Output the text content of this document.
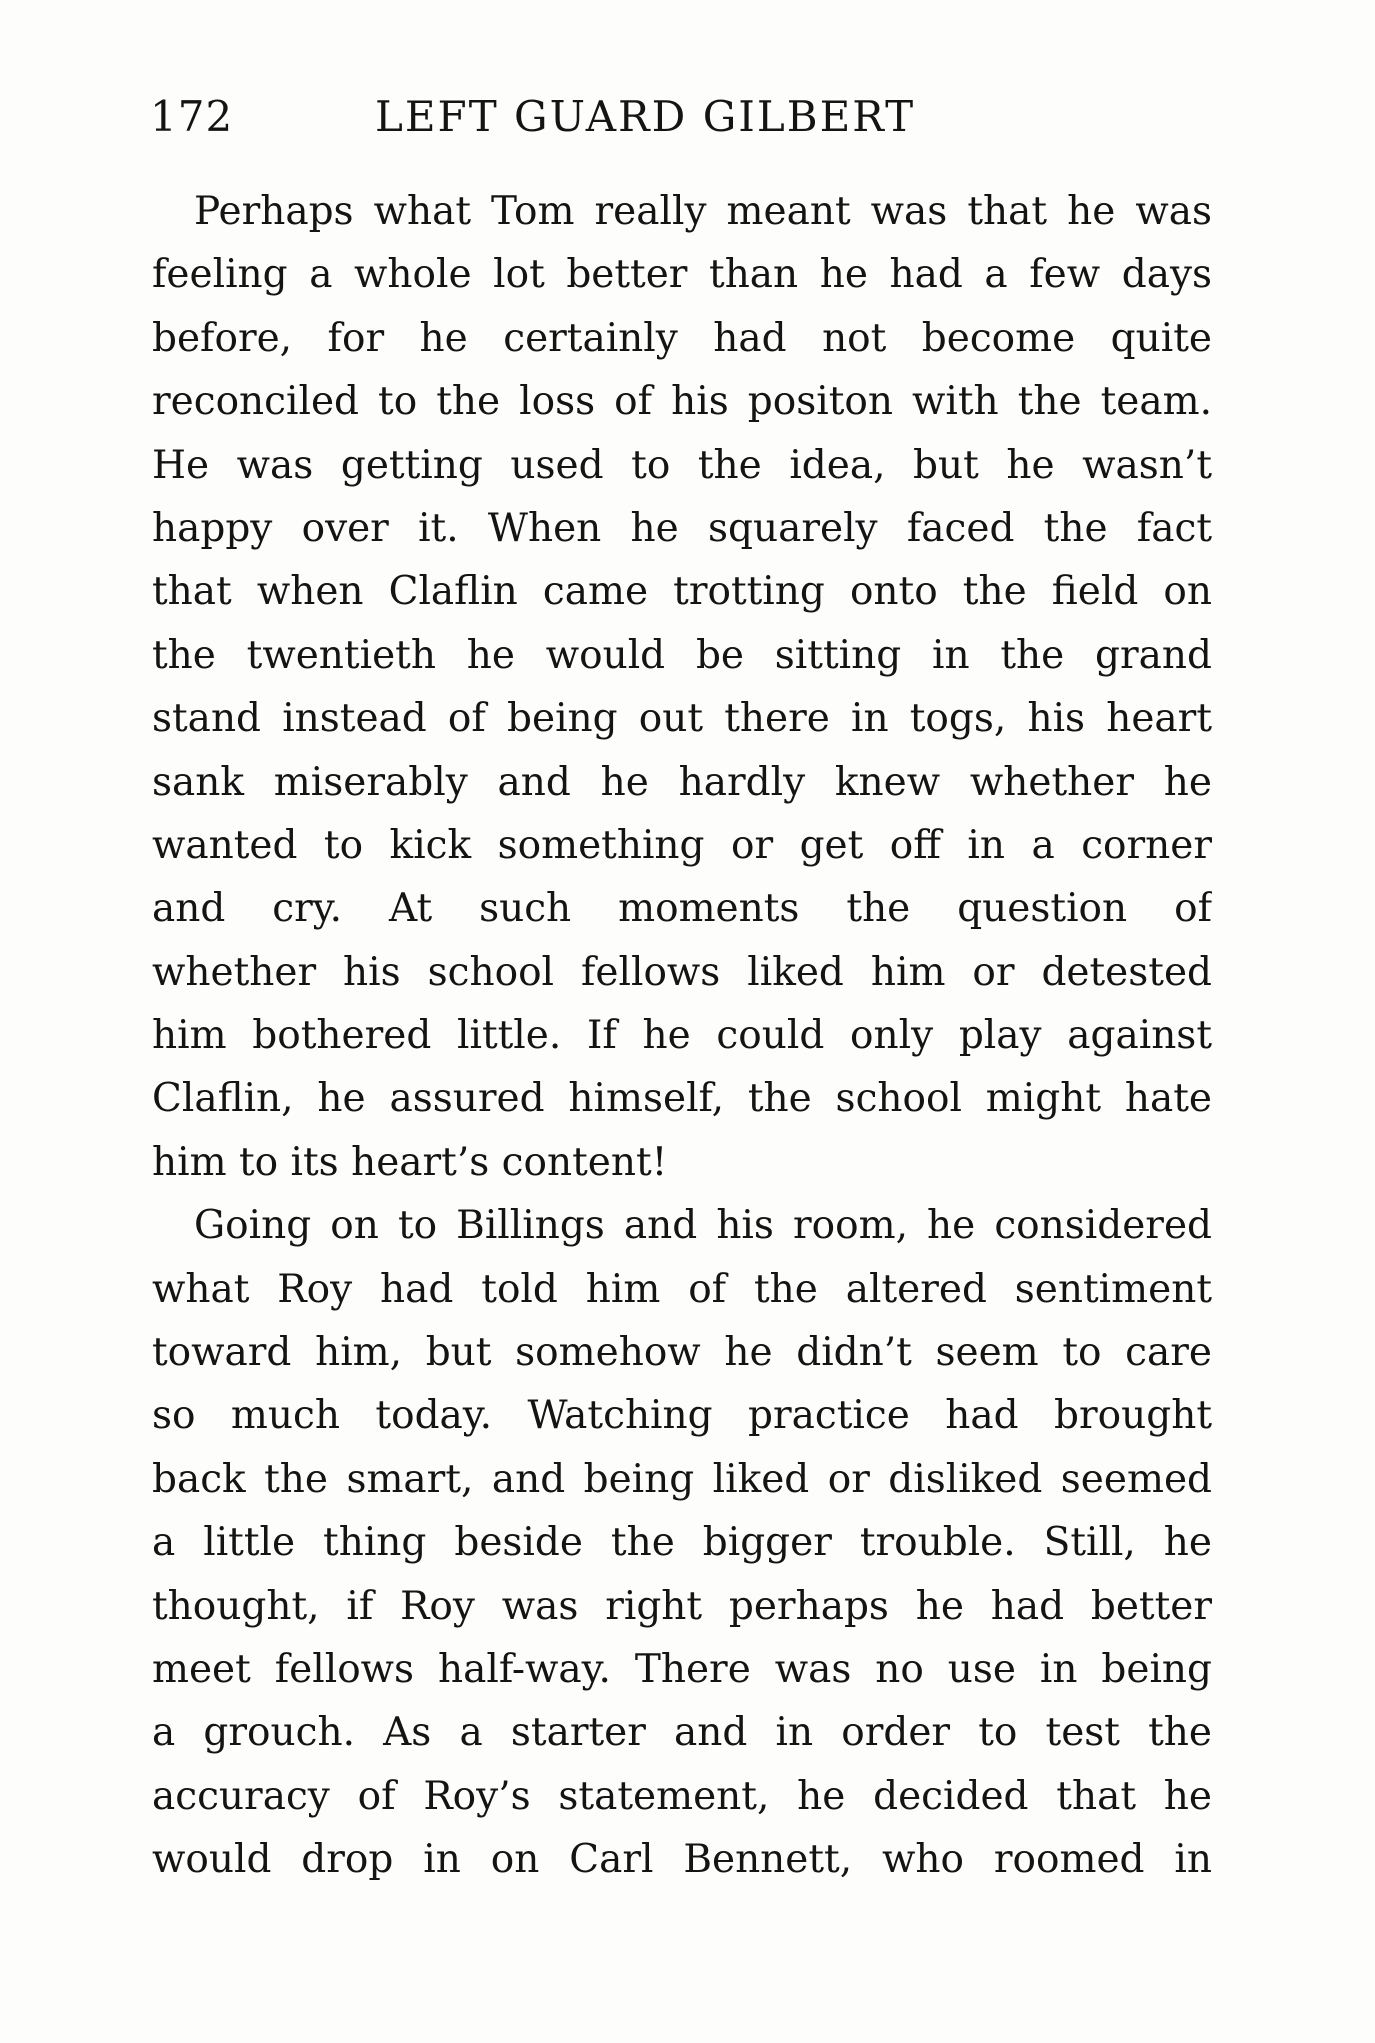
172	LEFT GUARD GILBERT
Perhaps what Tom really meant was that he was
feeling a whole lot better than he had a few days
before, for he certainly had not become quite
reconciled to the loss of his positon with the team.
He was getting used to the idea, but he wasn’t
happy over it. When he squarely faced the fact
that when Claflin came trotting onto the field on
the twentieth he would be sitting in the grand
stand instead of being out there in togs, his heart
sank miserably and he hardly knew whether he
wanted to kick something or get off in a corner
and cry. At such moments the question of
whether his school fellows liked him or detested
him bothered little. If he could only play against
Claflin, he assured himself, the school might hate
him to its heart’s content!
Going on to Billings and his room, he considered
what Roy had told him of the altered sentiment
toward him, but somehow he didn’t seem to care
so much today. Watching practice had brought
back the smart, and being liked or disliked seemed
a little thing beside the bigger trouble. Still, he
thought, if Roy was right perhaps he had better
meet fellows half-way. There was no use in being
a grouch. As a starter and in order to test the
accuracy of Roy’s statement, he decided that he
would drop in on Carl Bennett, who roomed in
